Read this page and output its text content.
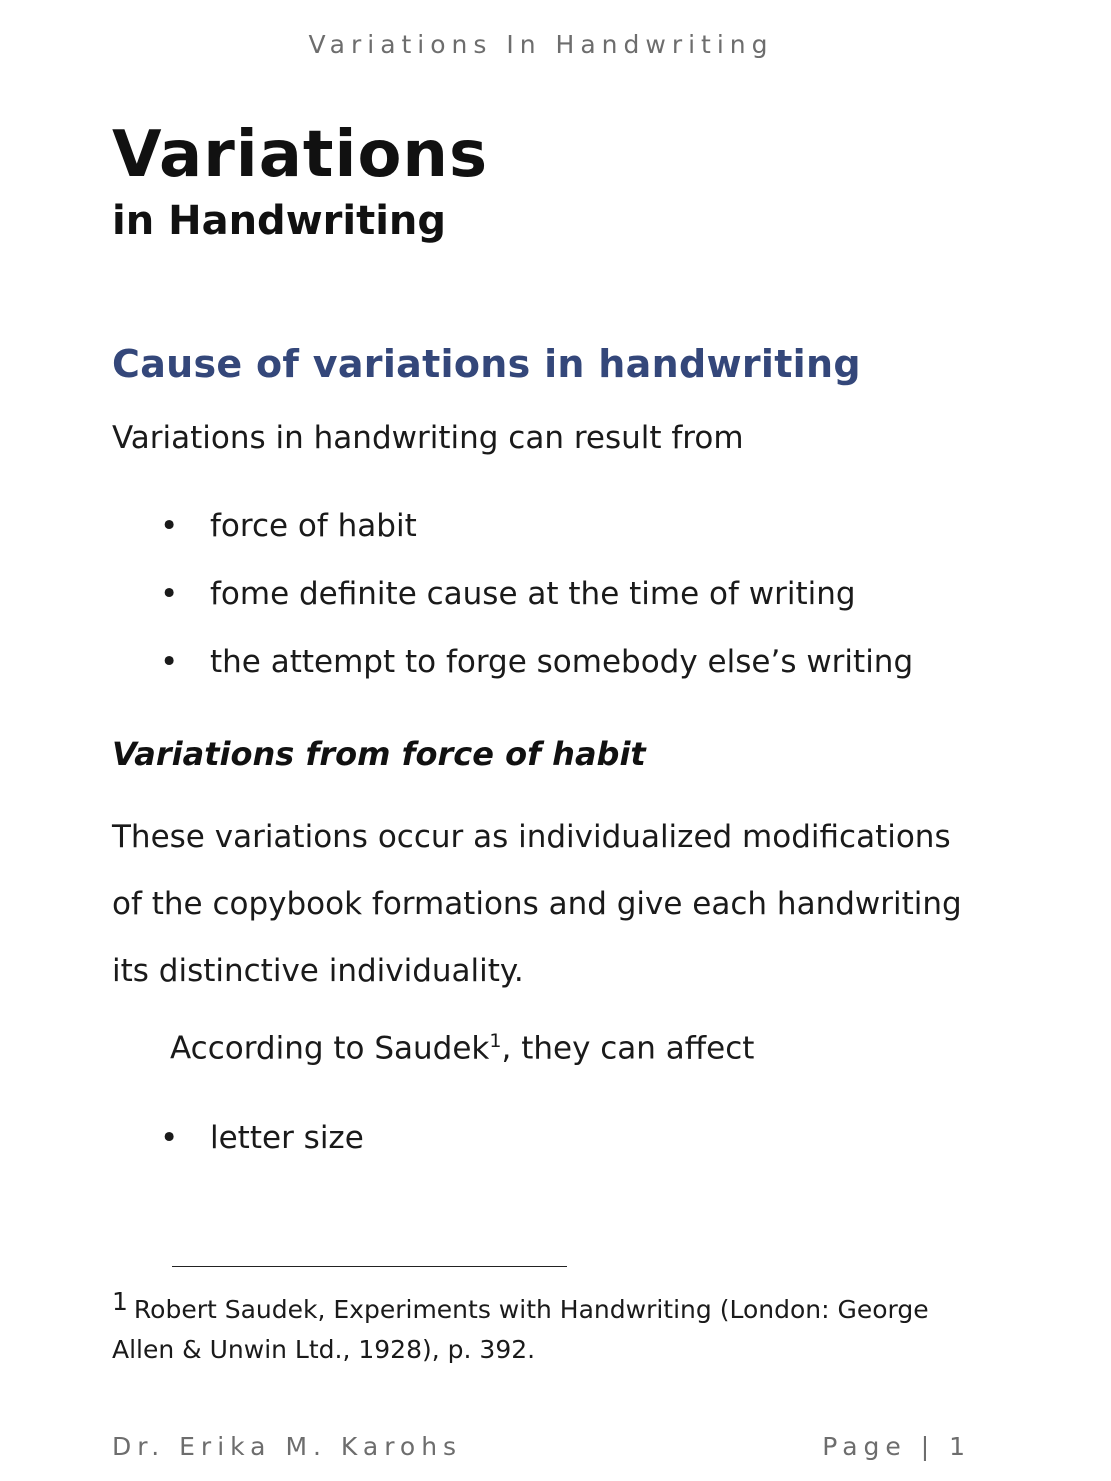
Variations In Handwriting
Variations
in Handwriting
Cause of variations in handwriting
Variations in handwriting can result from
• force of habit
• fome definite cause at the time of writing
• the attempt to forge somebody else’s writing
Variations from force of habit
These variations occur as individualized modifications of the copybook formations and give each handwriting its distinctive individuality.
According to Saudek$^1$, they can affect
• letter size
1 Robert Saudek, Experiments with Handwriting (London: George Allen & Unwin Ltd., 1928), p. 392.
Dr. Erika M. Karohs	Page | 1
